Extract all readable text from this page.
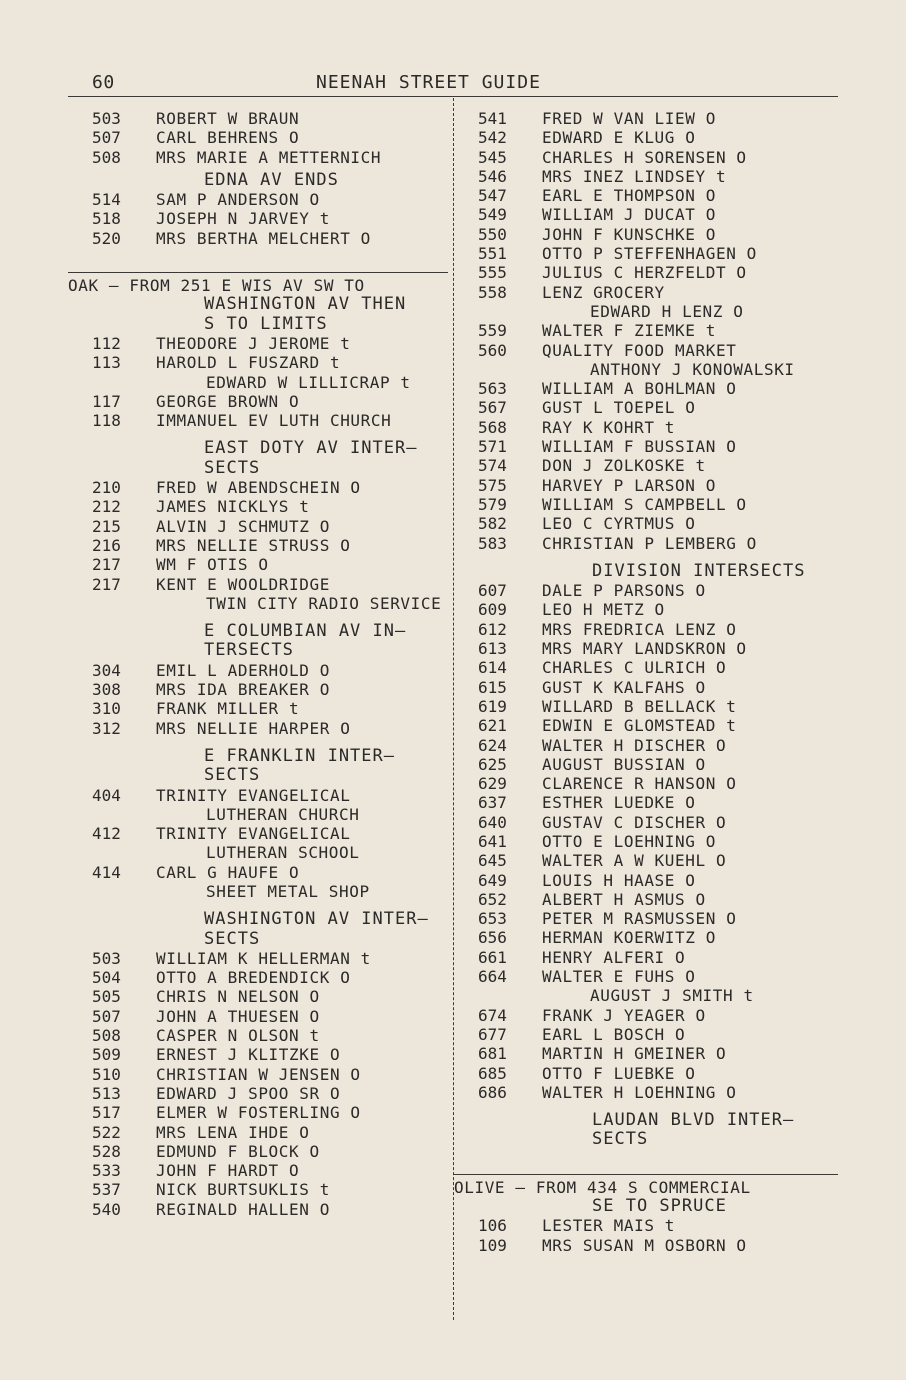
60	NEENAH STREET GUIDE
503	ROBERT W BRAUN
507	CARL BEHRENS O
508	MRS MARIE A METTERNICH
EDNA AV ENDS
514	SAM P ANDERSON O
518	JOSEPH N JARVEY t
520	MRS BERTHA MELCHERT O
OAK — FROM 251 E WIS AV SW TO
WASHINGTON AV THEN
S TO LIMITS
112	THEODORE J JEROME t
113	HAROLD L FUSZARD t
EDWARD W LILLICRAP t
117	GEORGE BROWN O
118	IMMANUEL EV LUTH CHURCH
EAST DOTY AV INTER—
SECTS
210	FRED W ABENDSCHEIN O
212	JAMES NICKLYS t
215	ALVIN J SCHMUTZ O
216	MRS NELLIE STRUSS O
217	WM F OTIS O
217	KENT E WOOLDRIDGE
TWIN CITY RADIO SERVICE
E COLUMBIAN AV IN—
TERSECTS
304	EMIL L ADERHOLD O
308	MRS IDA BREAKER O
310	FRANK MILLER t
312	MRS NELLIE HARPER O
E FRANKLIN INTER—
SECTS
404	TRINITY EVANGELICAL
LUTHERAN CHURCH
412	TRINITY EVANGELICAL
LUTHERAN SCHOOL
414	CARL G HAUFE O
SHEET METAL SHOP
WASHINGTON AV INTER—
SECTS
503	WILLIAM K HELLERMAN t
504	OTTO A BREDENDICK O
505	CHRIS N NELSON O
507	JOHN A THUESEN O
508	CASPER N OLSON t
509	ERNEST J KLITZKE O
510	CHRISTIAN W JENSEN O
513	EDWARD J SPOO SR O
517	ELMER W FOSTERLING O
522	MRS LENA IHDE O
528	EDMUND F BLOCK O
533	JOHN F HARDT O
537	NICK BURTSUKLIS t
540	REGINALD HALLEN O
541	FRED W VAN LIEW O
542	EDWARD E KLUG O
545	CHARLES H SORENSEN O
546	MRS INEZ LINDSEY t
547	EARL E THOMPSON O
549	WILLIAM J DUCAT O
550	JOHN F KUNSCHKE O
551	OTTO P STEFFENHAGEN O
555	JULIUS C HERZFELDT O
558	LENZ GROCERY
EDWARD H LENZ O
559	WALTER F ZIEMKE t
560	QUALITY FOOD MARKET
ANTHONY J KONOWALSKI
563	WILLIAM A BOHLMAN O
567	GUST L TOEPEL O
568	RAY K KOHRT t
571	WILLIAM F BUSSIAN O
574	DON J ZOLKOSKE t
575	HARVEY P LARSON O
579	WILLIAM S CAMPBELL O
582	LEO C CYRTMUS O
583	CHRISTIAN P LEMBERG O
DIVISION INTERSECTS
607	DALE P PARSONS O
609	LEO H METZ O
612	MRS FREDRICA LENZ O
613	MRS MARY LANDSKRON O
614	CHARLES C ULRICH O
615	GUST K KALFAHS O
619	WILLARD B BELLACK t
621	EDWIN E GLOMSTEAD t
624	WALTER H DISCHER O
625	AUGUST BUSSIAN O
629	CLARENCE R HANSON O
637	ESTHER LUEDKE O
640	GUSTAV C DISCHER O
641	OTTO E LOEHNING O
645	WALTER A W KUEHL O
649	LOUIS H HAASE O
652	ALBERT H ASMUS O
653	PETER M RASMUSSEN O
656	HERMAN KOERWITZ O
661	HENRY ALFERI O
664	WALTER E FUHS O
AUGUST J SMITH t
674	FRANK J YEAGER O
677	EARL L BOSCH O
681	MARTIN H GMEINER O
685	OTTO F LUEBKE O
686	WALTER H LOEHNING O
LAUDAN BLVD INTER—
SECTS
OLIVE — FROM 434 S COMMERCIAL
SE TO SPRUCE
106	LESTER MAIS t
109	MRS SUSAN M OSBORN O
